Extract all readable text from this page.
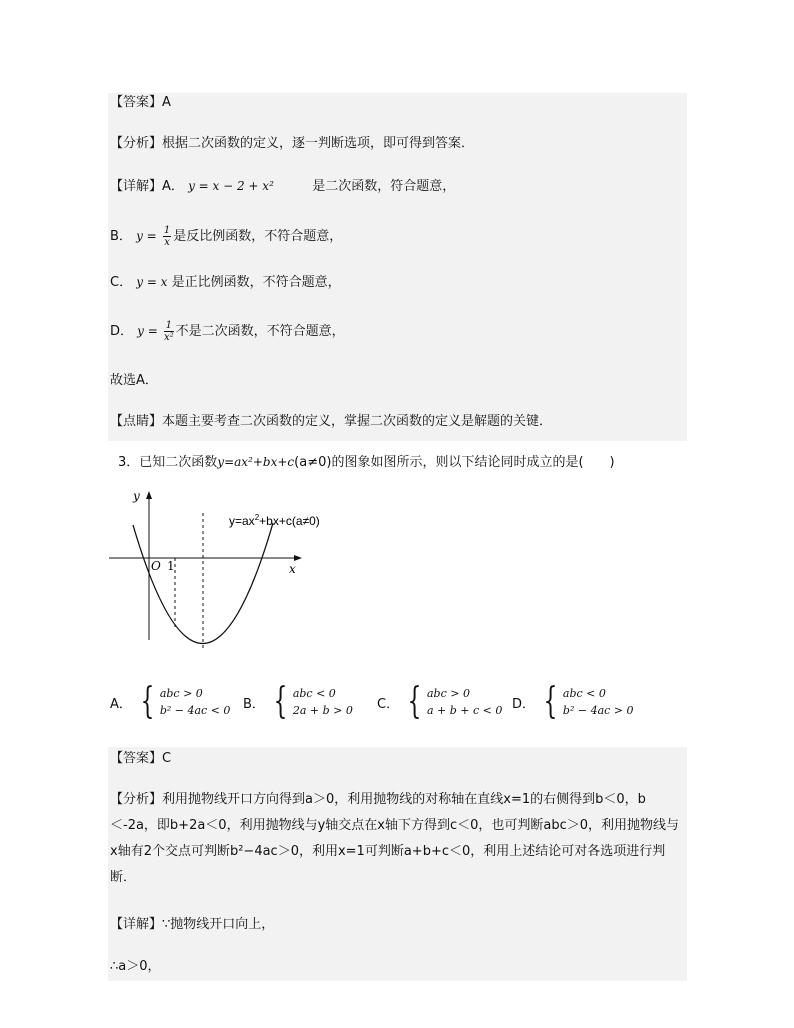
【答案】A
【分析】根据二次函数的定义，逐一判断选项，即可得到答案．
【详解】A． y = x − 2 + x²	是二次函数，符合题意，
B． $y = \frac{1}{x}$ 是反比例函数，不符合题意，
C． y = x 是正比例函数，不符合题意，
D． $y = \frac{1}{\text{x²}}$ 不是二次函数，不符合题意，
故选A．
【点睛】本题主要考查二次函数的定义，掌握二次函数的定义是解题的关键．
3．已知二次函数y=ax²+bx+c(a≠0)的图象如图所示，则以下结论同时成立的是(　　)
y
x
O 1
$y=ax^2+bx+c(a\ne 0)$
A． { abc > 0
b² − 4ac < 0 B． { abc < 0
2a + b > 0 C． { abc > 0
a + b + c < 0 D． { abc < 0
b² − 4ac > 0
【答案】C
【分析】利用抛物线开口方向得到a＞0，利用抛物线的对称轴在直线x=1的右侧得到b＜0，b＜-2a，即b+2a＜0，利用抛物线与y轴交点在x轴下方得到c＜0，也可判断abc＞0，利用抛物线与x轴有2个交点可判断b²−4ac＞0，利用x=1可判断a+b+c＜0，利用上述结论可对各选项进行判断．
【详解】∵抛物线开口向上，
∴a＞0，
